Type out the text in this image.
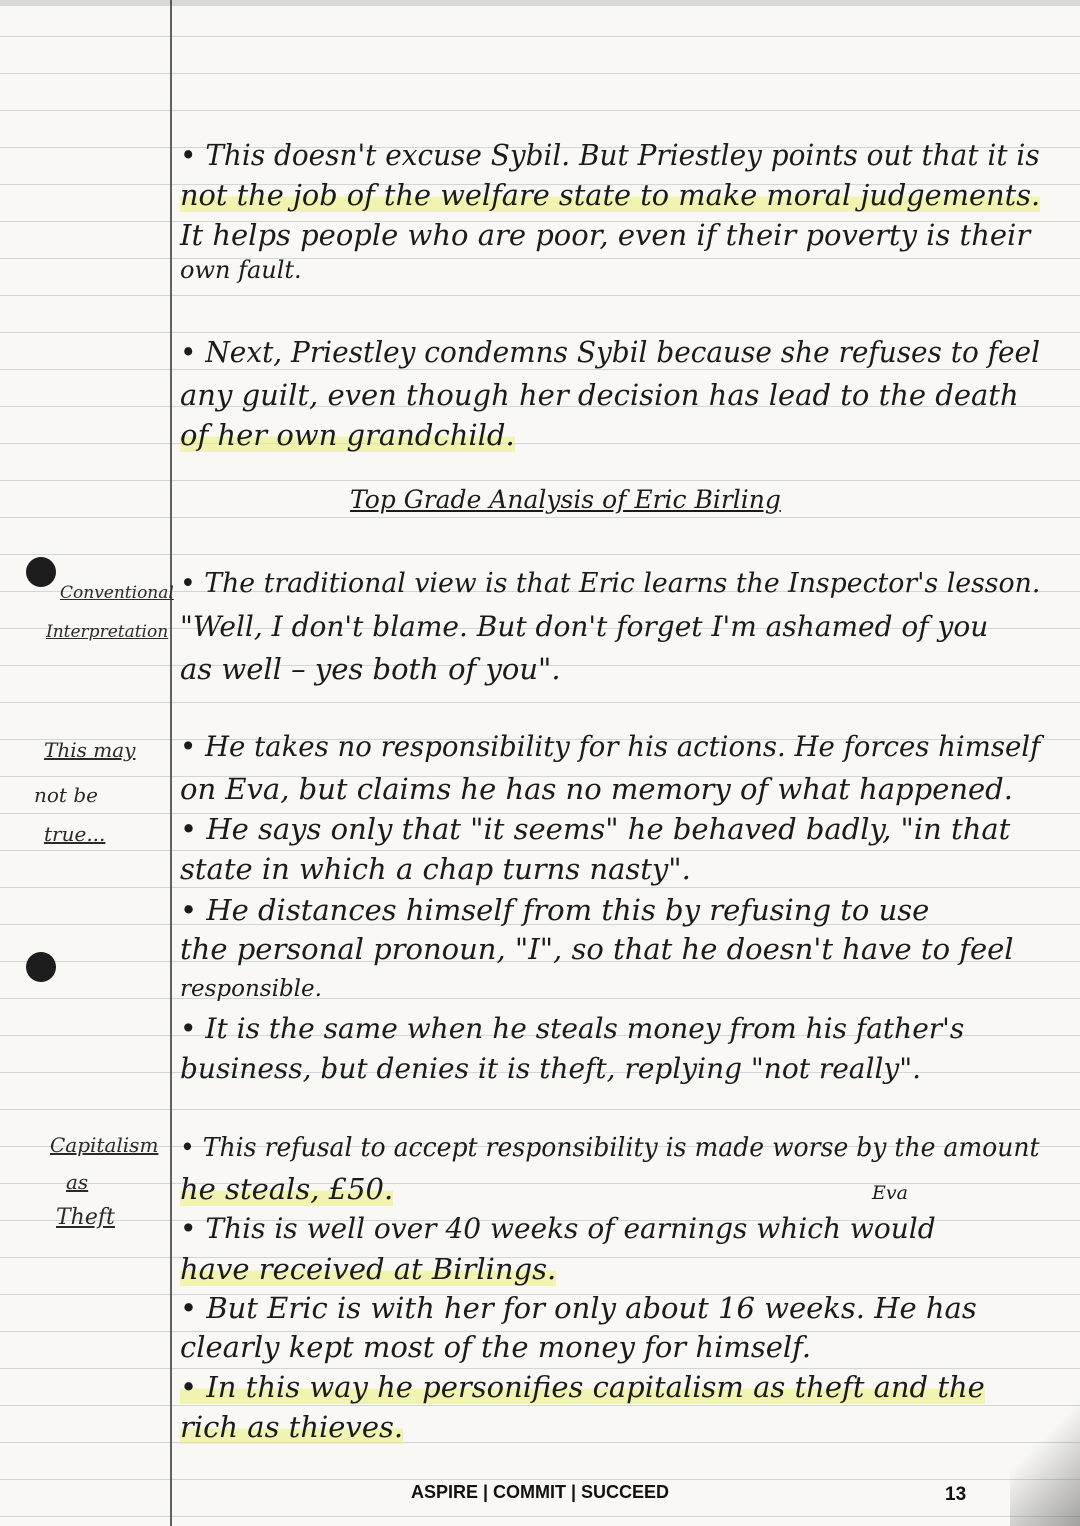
• This doesn't excuse Sybil. But Priestley points out that it is
not the job of the welfare state to make moral judgements.
It helps people who are poor, even if their poverty is their
own fault.
• Next, Priestley condemns Sybil because she refuses to feel
any guilt, even though her decision has lead to the death
of her own grandchild.
Top Grade Analysis of Eric Birling
Conventional
Interpretation
This may
not be
true...
Capitalism
as
Theft
• The traditional view is that Eric learns the Inspector's lesson.
"Well, I don't blame. But don't forget I'm ashamed of you
as well – yes both of you".
• He takes no responsibility for his actions. He forces himself
on Eva, but claims he has no memory of what happened.
• He says only that "it seems" he behaved badly, "in that
state in which a chap turns nasty".
• He distances himself from this by refusing to use
the personal pronoun, "I", so that he doesn't have to feel
responsible.
• It is the same when he steals money from his father's
business, but denies it is theft, replying "not really".
• This refusal to accept responsibility is made worse by the amount
he steals, £50.	Eva
• This is well over 40 weeks of earnings which would
have received at Birlings.
• But Eric is with her for only about 16 weeks. He has
clearly kept most of the money for himself.
• In this way he personifies capitalism as theft and the
rich as thieves.
ASPIRE | COMMIT | SUCCEED	13
